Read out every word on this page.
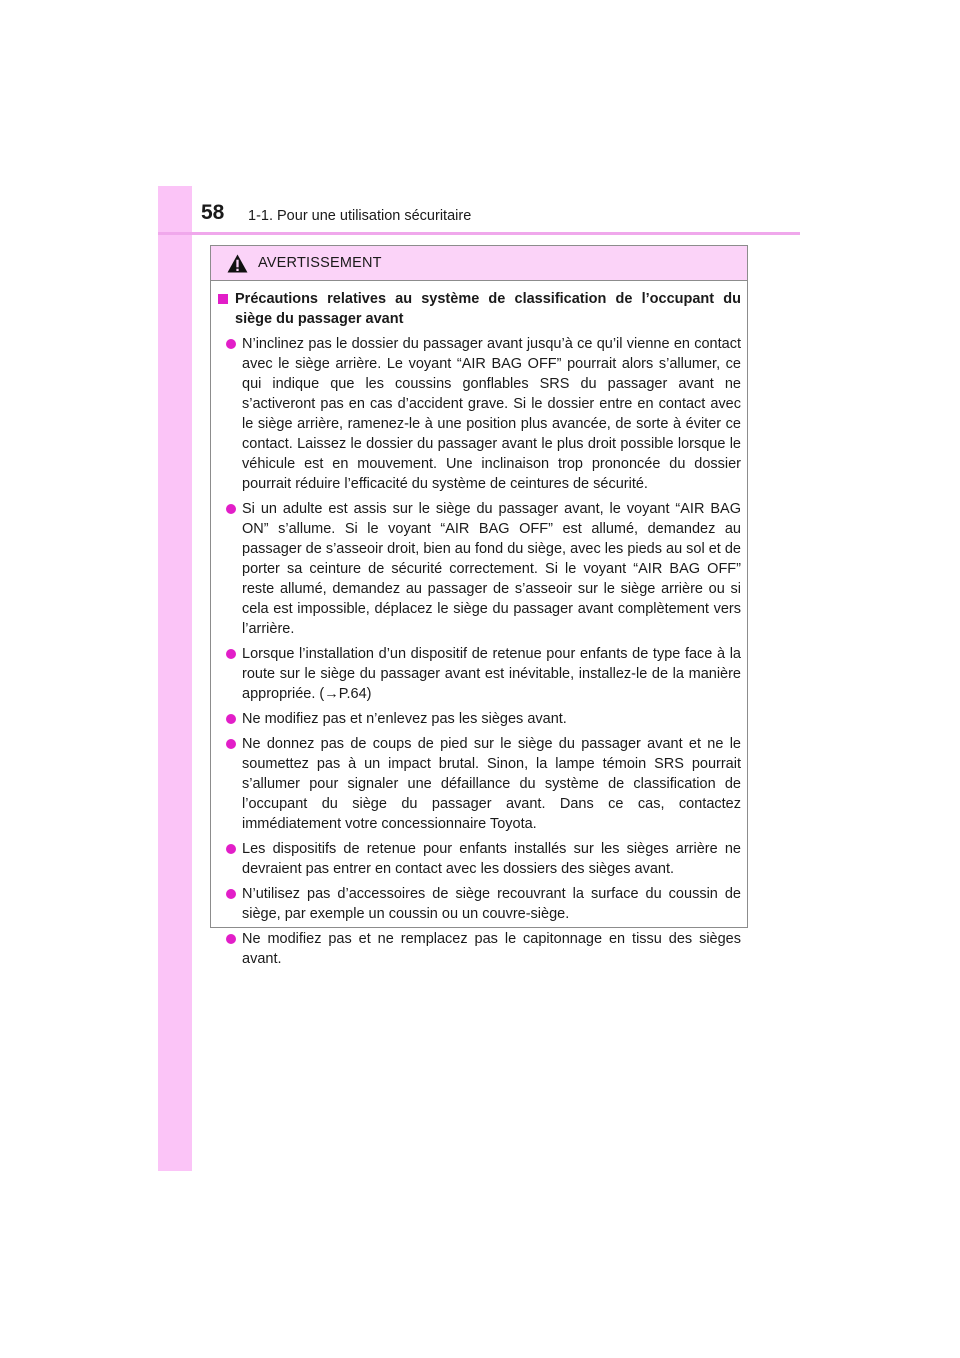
58 1-1. Pour une utilisation sécuritaire
AVERTISSEMENT
Précautions relatives au système de classification de l’occupant du siège du passager avant
N’inclinez pas le dossier du passager avant jusqu’à ce qu’il vienne en contact avec le siège arrière. Le voyant “AIR BAG OFF” pourrait alors s’allumer, ce qui indique que les coussins gonflables SRS du passager avant ne s’activeront pas en cas d’accident grave. Si le dossier entre en contact avec le siège arrière, ramenez-le à une position plus avancée, de sorte à éviter ce contact. Laissez le dossier du passager avant le plus droit possible lorsque le véhicule est en mouvement. Une inclinaison trop prononcée du dossier pourrait réduire l’efficacité du système de ceintures de sécurité.
Si un adulte est assis sur le siège du passager avant, le voyant “AIR BAG ON” s’allume. Si le voyant “AIR BAG OFF” est allumé, demandez au passager de s’asseoir droit, bien au fond du siège, avec les pieds au sol et de porter sa ceinture de sécurité correctement. Si le voyant “AIR BAG OFF” reste allumé, demandez au passager de s’asseoir sur le siège arrière ou si cela est impossible, déplacez le siège du passager avant complètement vers l’arrière.
Lorsque l’installation d’un dispositif de retenue pour enfants de type face à la route sur le siège du passager avant est inévitable, installez-le de la manière appropriée. (→P.64)
Ne modifiez pas et n’enlevez pas les sièges avant.
Ne donnez pas de coups de pied sur le siège du passager avant et ne le soumettez pas à un impact brutal. Sinon, la lampe témoin SRS pourrait s’allumer pour signaler une défaillance du système de classification de l’occupant du siège du passager avant. Dans ce cas, contactez immédiatement votre concessionnaire Toyota.
Les dispositifs de retenue pour enfants installés sur les sièges arrière ne devraient pas entrer en contact avec les dossiers des sièges avant.
N’utilisez pas d’accessoires de siège recouvrant la surface du coussin de siège, par exemple un coussin ou un couvre-siège.
Ne modifiez pas et ne remplacez pas le capitonnage en tissu des sièges avant.
